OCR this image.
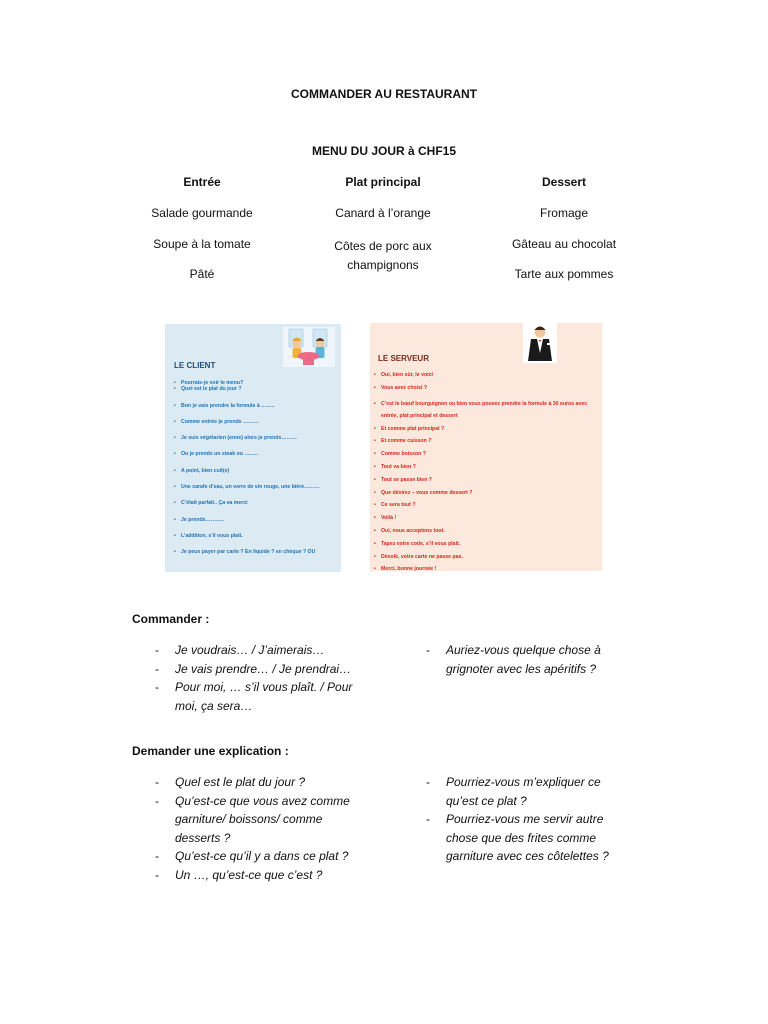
COMMANDER AU RESTAURANT
MENU DU JOUR à CHF15
Entrée
Salade gourmande
Soupe à la tomate
Pâté
Plat principal
Canard à l’orange
Côtes de porc aux champignons
Dessert
Fromage
Gâteau au chocolat
Tarte aux pommes
LE CLIENT
• Pourrais-je voir le menu?
• Quel est le plat du jour ?
• Bon je vais prendre la formule à ……..
• Comme entrée je prends ………
• Je suis végétarien (enne) alors je prends………
• Ou je prends un steak ou ……..
• A point, bien cuit(e)
• Une carafe d’eau, un verre de vin rouge, une bière………
• C’était parfait.. Ça va merci
• Je prends………..
• L’addition, s’il vous plait.
• Je peux payer par carte ? En liquide ? en chèque ? OU
LE SERVEUR
• Oui, bien sûr, le voici
• Vous avez choisi ?
• C’est le bœuf bourguignon ou bien vous pouvez prendre la formule à 30 euros avec entrée, plat principal et dessert
• Et comme plat principal ?
• Et comme cuisson ?
• Comme boisson ?
• Tout va bien ?
• Tout se passe bien ?
• Que désirez – vous comme dessert ?
• Ce sera tout ?
• Voilà !
• Oui, nous acceptons tout.
• Tapez votre code, s’il vous plait.
• Désolé, votre carte ne passe pas.
• Merci, bonne journée !
Commander :
- Je voudrais… / J’aimerais…
- Je vais prendre… / Je prendrai…
- Pour moi, … s’il vous plaît. / Pour moi, ça sera…
- Auriez-vous quelque chose à grignoter avec les apéritifs ?
Demander une explication :
- Quel est le plat du jour ?
- Qu’est-ce que vous avez comme garniture/ boissons/ comme desserts ?
- Qu’est-ce qu’il y a dans ce plat ?
- Un …, qu’est-ce que c’est ?
- Pourriez-vous m’expliquer ce qu’est ce plat ?
- Pourriez-vous me servir autre chose que des frites comme garniture avec ces côtelettes ?
